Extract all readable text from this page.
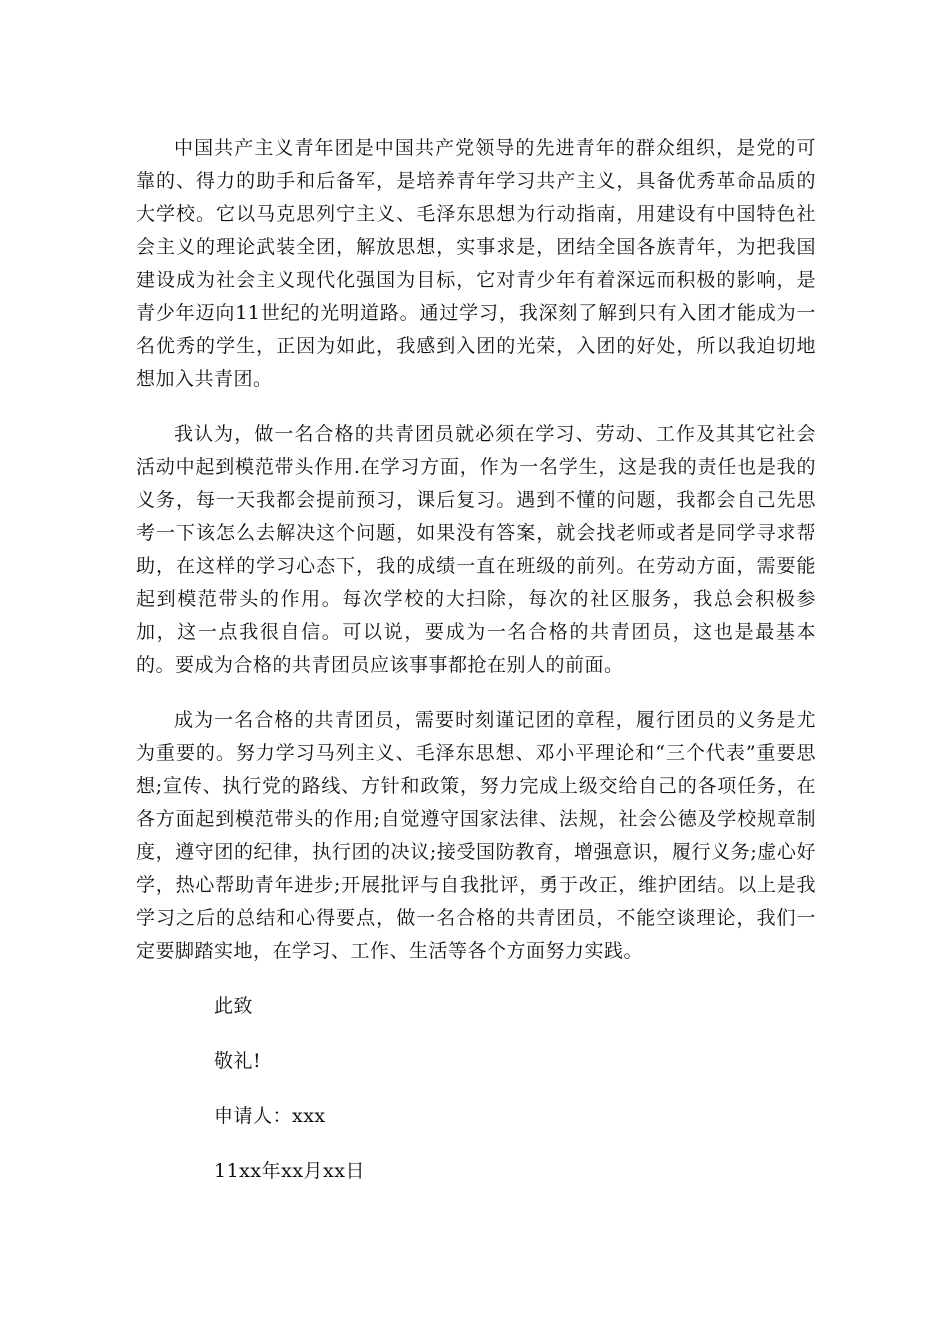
中国共产主义青年团是中国共产党领导的先进青年的群众组织，是党的可靠的、得力的助手和后备军，是培养青年学习共产主义，具备优秀革命品质的大学校。它以马克思列宁主义、毛泽东思想为行动指南，用建设有中国特色社会主义的理论武装全团，解放思想，实事求是，团结全国各族青年，为把我国建设成为社会主义现代化强国为目标，它对青少年有着深远而积极的影响，是青少年迈向11世纪的光明道路。通过学习，我深刻了解到只有入团才能成为一名优秀的学生，正因为如此，我感到入团的光荣，入团的好处，所以我迫切地想加入共青团。

我认为，做一名合格的共青团员就必须在学习、劳动、工作及其其它社会活动中起到模范带头作用.在学习方面，作为一名学生，这是我的责任也是我的义务，每一天我都会提前预习，课后复习。遇到不懂的问题，我都会自己先思考一下该怎么去解决这个问题，如果没有答案，就会找老师或者是同学寻求帮助，在这样的学习心态下，我的成绩一直在班级的前列。在劳动方面，需要能起到模范带头的作用。每次学校的大扫除，每次的社区服务，我总会积极参加，这一点我很自信。可以说，要成为一名合格的共青团员，这也是最基本的。要成为合格的共青团员应该事事都抢在别人的前面。

成为一名合格的共青团员，需要时刻谨记团的章程，履行团员的义务是尤为重要的。努力学习马列主义、毛泽东思想、邓小平理论和“三个代表”重要思想;宣传、执行党的路线、方针和政策，努力完成上级交给自己的各项任务，在各方面起到模范带头的作用;自觉遵守国家法律、法规，社会公德及学校规章制度，遵守团的纪律，执行团的决议;接受国防教育，增强意识，履行义务;虚心好学，热心帮助青年进步;开展批评与自我批评，勇于改正，维护团结。以上是我学习之后的总结和心得要点，做一名合格的共青团员，不能空谈理论，我们一定要脚踏实地，在学习、工作、生活等各个方面努力实践。

此致

敬礼!

申请人：xxx

11xx年xx月xx日
